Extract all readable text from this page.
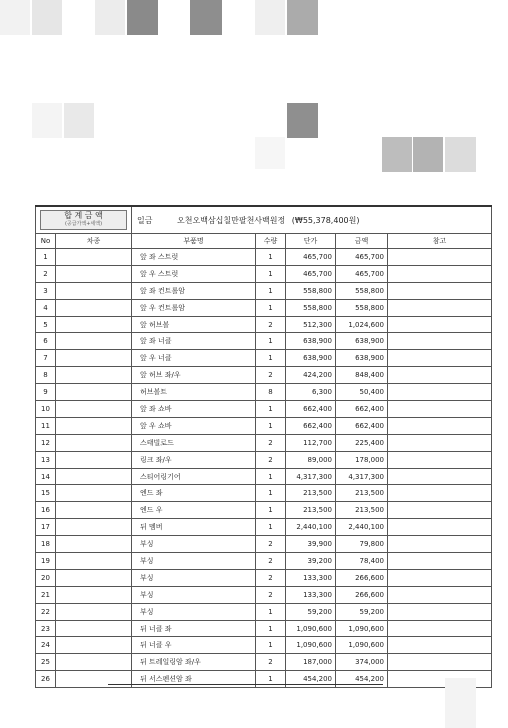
합 계 금 액
(공급가액+세액)		일금 오천오백삼십칠만팔천사백원정 (₩55,378,400원)				
No	차종	부품명	수량	단가	금액	참고
1		앞 좌 스트럿	1	465,700	465,700	
2		앞 우 스트럿	1	465,700	465,700	
3		앞 좌 컨트롤암	1	558,800	558,800	
4		앞 우 컨트롤암	1	558,800	558,800	
5		앞 허브볼	2	512,300	1,024,600	
6		앞 좌 너클	1	638,900	638,900	
7		앞 우 너클	1	638,900	638,900	
8		앞 허브 좌/우	2	424,200	848,400	
9		허브볼트	8	6,300	50,400	
10		앞 좌 쇼바	1	662,400	662,400	
11		앞 우 쇼바	1	662,400	662,400	
12		스태빌로드	2	112,700	225,400	
13		링크 좌/우	2	89,000	178,000	
14		스티어링기어	1	4,317,300	4,317,300	
15		엔드 좌	1	213,500	213,500	
16		엔드 우	1	213,500	213,500	
17		뒤 멤버	1	2,440,100	2,440,100	
18		부싱	2	39,900	79,800	
19		부싱	2	39,200	78,400	
20		부싱	2	133,300	266,600	
21		부싱	2	133,300	266,600	
22		부싱	1	59,200	59,200	
23		뒤 너클 좌	1	1,090,600	1,090,600	
24		뒤 너클 우	1	1,090,600	1,090,600	
25		뒤 트레일링암 좌/우	2	187,000	374,000	
26		뒤 서스펜션암 좌	1	454,200	454,200	
